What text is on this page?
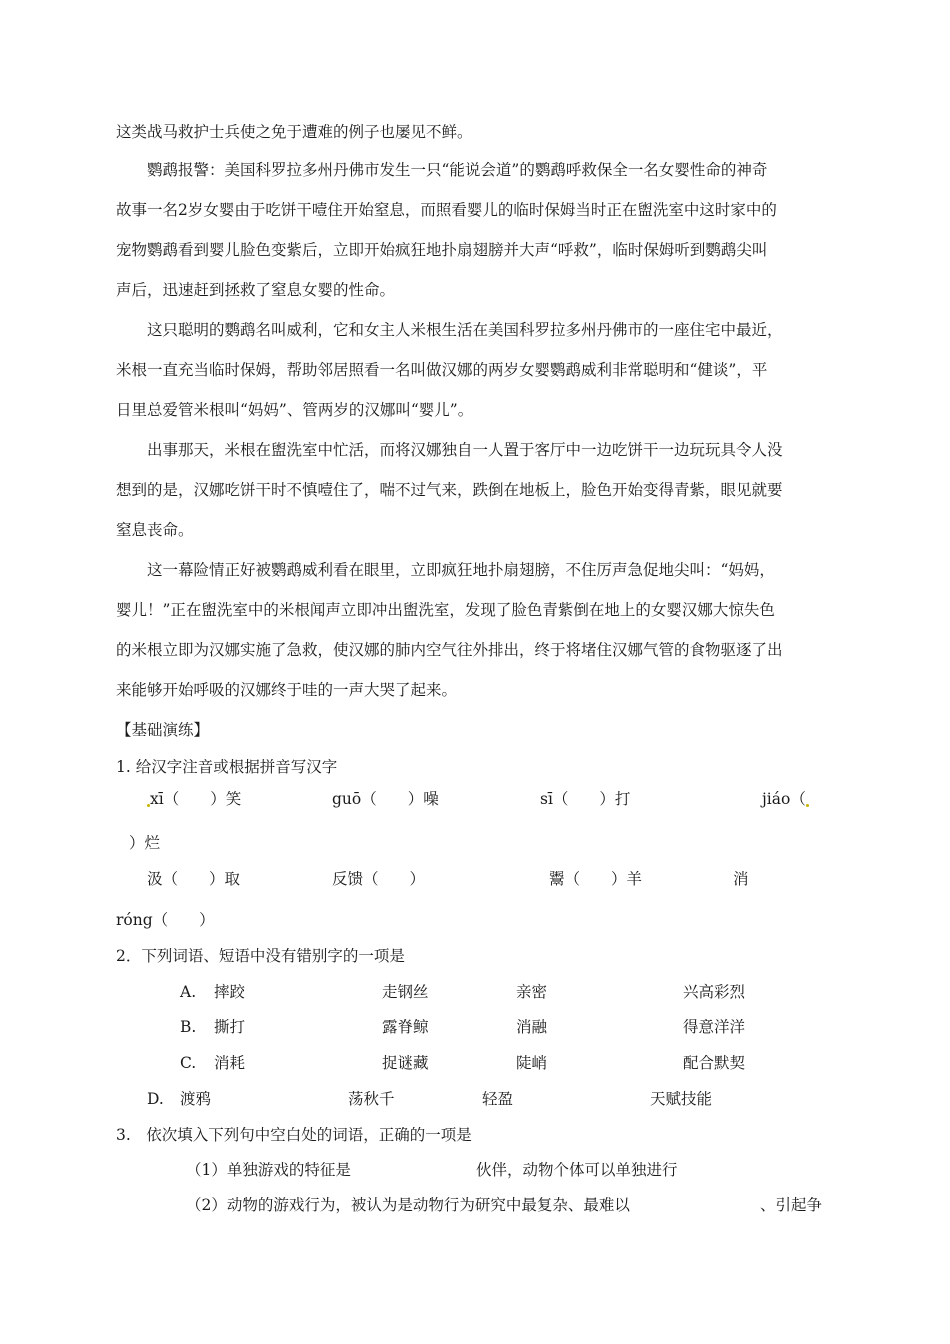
这类战马救护士兵使之免于遭难的例子也屡见不鲜。
鹦鹉报警：美国科罗拉多州丹佛市发生一只“能说会道”的鹦鹉呼救保全一名女婴性命的神奇
故事一名2岁女婴由于吃饼干噎住开始窒息，而照看婴儿的临时保姆当时正在盥洗室中这时家中的
宠物鹦鹉看到婴儿脸色变紫后，立即开始疯狂地扑扇翅膀并大声“呼救”，临时保姆听到鹦鹉尖叫
声后，迅速赶到拯救了窒息女婴的性命。
这只聪明的鹦鹉名叫威利，它和女主人米根生活在美国科罗拉多州丹佛市的一座住宅中最近，
米根一直充当临时保姆，帮助邻居照看一名叫做汉娜的两岁女婴鹦鹉威利非常聪明和“健谈”，平
日里总爱管米根叫“妈妈”、管两岁的汉娜叫“婴儿”。
出事那天，米根在盥洗室中忙活，而将汉娜独自一人置于客厅中一边吃饼干一边玩玩具令人没
想到的是，汉娜吃饼干时不慎噎住了，喘不过气来，跌倒在地板上，脸色开始变得青紫，眼见就要
窒息丧命。
这一幕险情正好被鹦鹉威利看在眼里，立即疯狂地扑扇翅膀，不住厉声急促地尖叫：“妈妈，
婴儿！”正在盥洗室中的米根闻声立即冲出盥洗室，发现了脸色青紫倒在地上的女婴汉娜大惊失色
的米根立即为汉娜实施了急救，使汉娜的肺内空气往外排出，终于将堵住汉娜气管的食物驱逐了出
来能够开始呼吸的汉娜终于哇的一声大哭了起来。
【基础演练】
1. 给汉字注音或根据拼音写汉字
xī（　　）笑	guō（　　）噪	sī（　　）打	jiáo（
）烂
汲（　　）取	反馈（　　）	鬻（　　）羊	消
róng（　　）
2．下列词语、短语中没有错别字的一项是
A. 摔跤	走钢丝	亲密	兴高彩烈
B. 撕打	露脊鲸	消融	得意洋洋
C. 消耗	捉谜藏	陡峭	配合默契
D. 渡鸦	荡秋千	轻盈	天赋技能
3.　依次填入下列句中空白处的词语，正确的一项是
（1）单独游戏的特征是	伙伴，动物个体可以单独进行
（2）动物的游戏行为，被认为是动物行为研究中最复杂、最难以	、引起争
